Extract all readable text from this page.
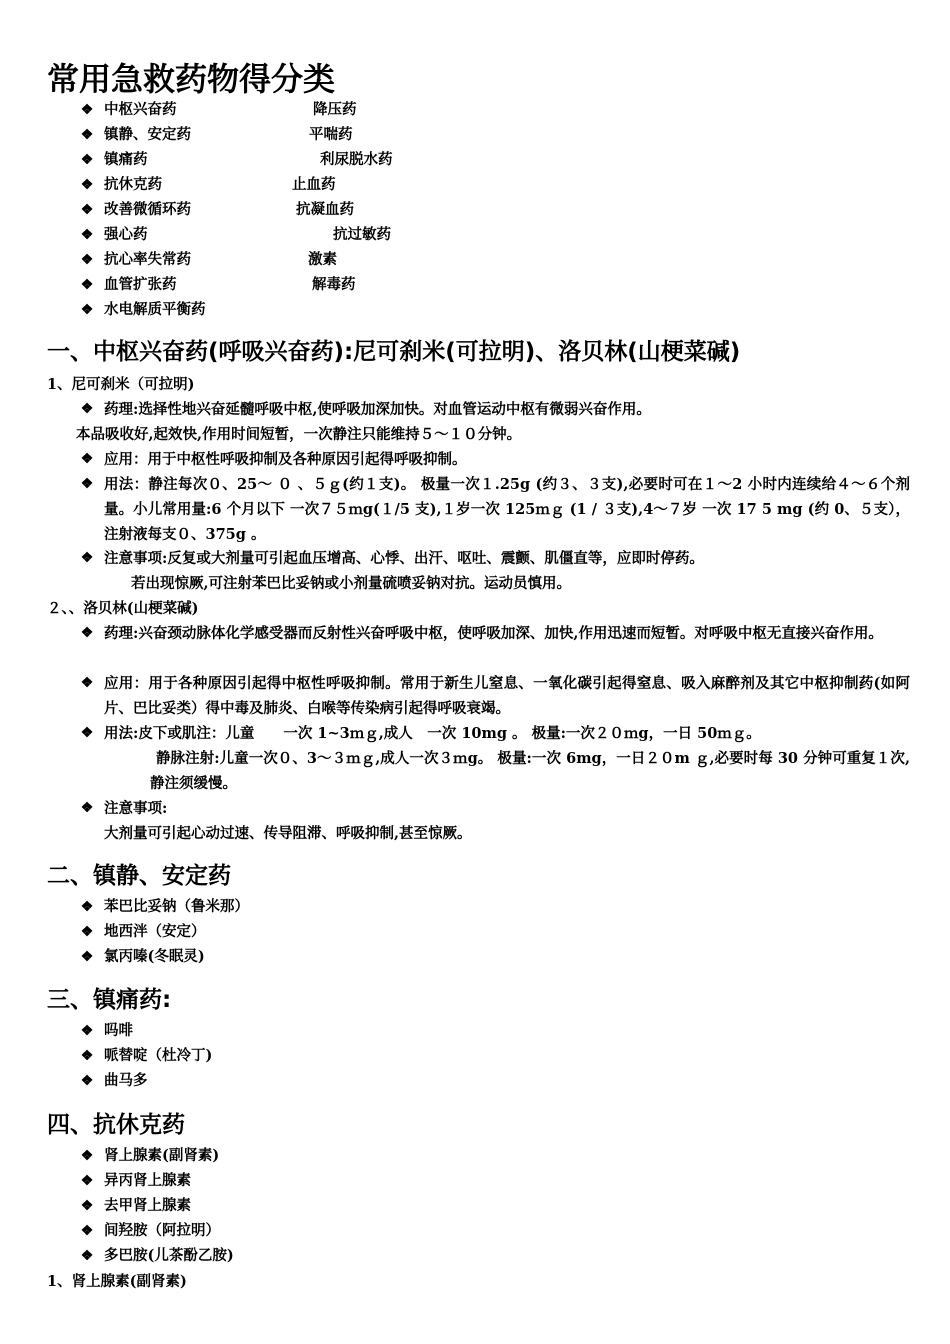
常用急救药物得分类
❖ 中枢兴奋药	降压药
❖ 镇静、安定药	平喘药
❖ 镇痛药	利尿脱水药
❖ 抗休克药	止血药
❖ 改善微循环药	抗凝血药
❖ 强心药	抗过敏药
❖ 抗心率失常药	激素
❖ 血管扩张药	解毒药
❖ 水电解质平衡药
一、中枢兴奋药(呼吸兴奋药):尼可刹米(可拉明)、洛贝林(山梗菜碱)
1、尼可刹米（可拉明)
❖ 药理:选择性地兴奋延髓呼吸中枢,使呼吸加深加快。对血管运动中枢有微弱兴奋作用。
本品吸收好,起效快,作用时间短暂，一次静注只能维持５～１０分钟。
❖ 应用：用于中枢性呼吸抑制及各种原因引起得呼吸抑制。
❖ 用法：静注每次０、25～ ０ 、５ｇ(约１支)。 极量一次１.25g (约３、３支),必要时可在１～2 小时内连续给４～６个剂量。小儿常用量:6 个月以下 一次７５ｍg(１/5 支),１岁一次 125ｍｇ (1 / ３支),4～７岁 一次 17 5 mg (约 0、５支），注射液每支０、375g 。
❖ 注意事项:反复或大剂量可引起血压增高、心悸、出汗、呕吐、震颤、肌僵直等，应即时停药。
若出现惊厥,可注射苯巴比妥钠或小剂量硫喷妥钠对抗。运动员慎用。
２、、洛贝林(山梗菜碱)
❖ 药理:兴奋颈动脉体化学感受器而反射性兴奋呼吸中枢，使呼吸加深、加快,作用迅速而短暂。对呼吸中枢无直接兴奋作用。
❖ 应用：用于各种原因引起得中枢性呼吸抑制。常用于新生儿窒息、一氧化碳引起得窒息、吸入麻醉剂及其它中枢抑制药(如阿片、巴比妥类）得中毒及肺炎、白喉等传染病引起得呼吸衰竭。
❖ 用法:皮下或肌注：儿童　　一次 1~3ｍｇ,成人　一次 10mg 。 极量:一次２０ｍg，一日 50ｍｇ。
静脉注射:儿童一次０、3～３ｍｇ,成人一次３ｍg。 极量:一次 6mg，一日２０m ｇ,必要时每 30 分钟可重复１次,静注须缓慢。
❖ 注意事项:
大剂量可引起心动过速、传导阻滞、呼吸抑制,甚至惊厥。
二、镇静、安定药
❖ 苯巴比妥钠（鲁米那）
❖ 地西泮（安定）
❖ 氯丙嗪(冬眠灵)
三、镇痛药:
❖ 吗啡
❖ 哌替啶（杜冷丁)
❖ 曲马多
四、抗休克药
❖ 肾上腺素(副肾素)
❖ 异丙肾上腺素
❖ 去甲肾上腺素
❖ 间羟胺（阿拉明）
❖ 多巴胺(儿茶酚乙胺)
1、肾上腺素(副肾素)
